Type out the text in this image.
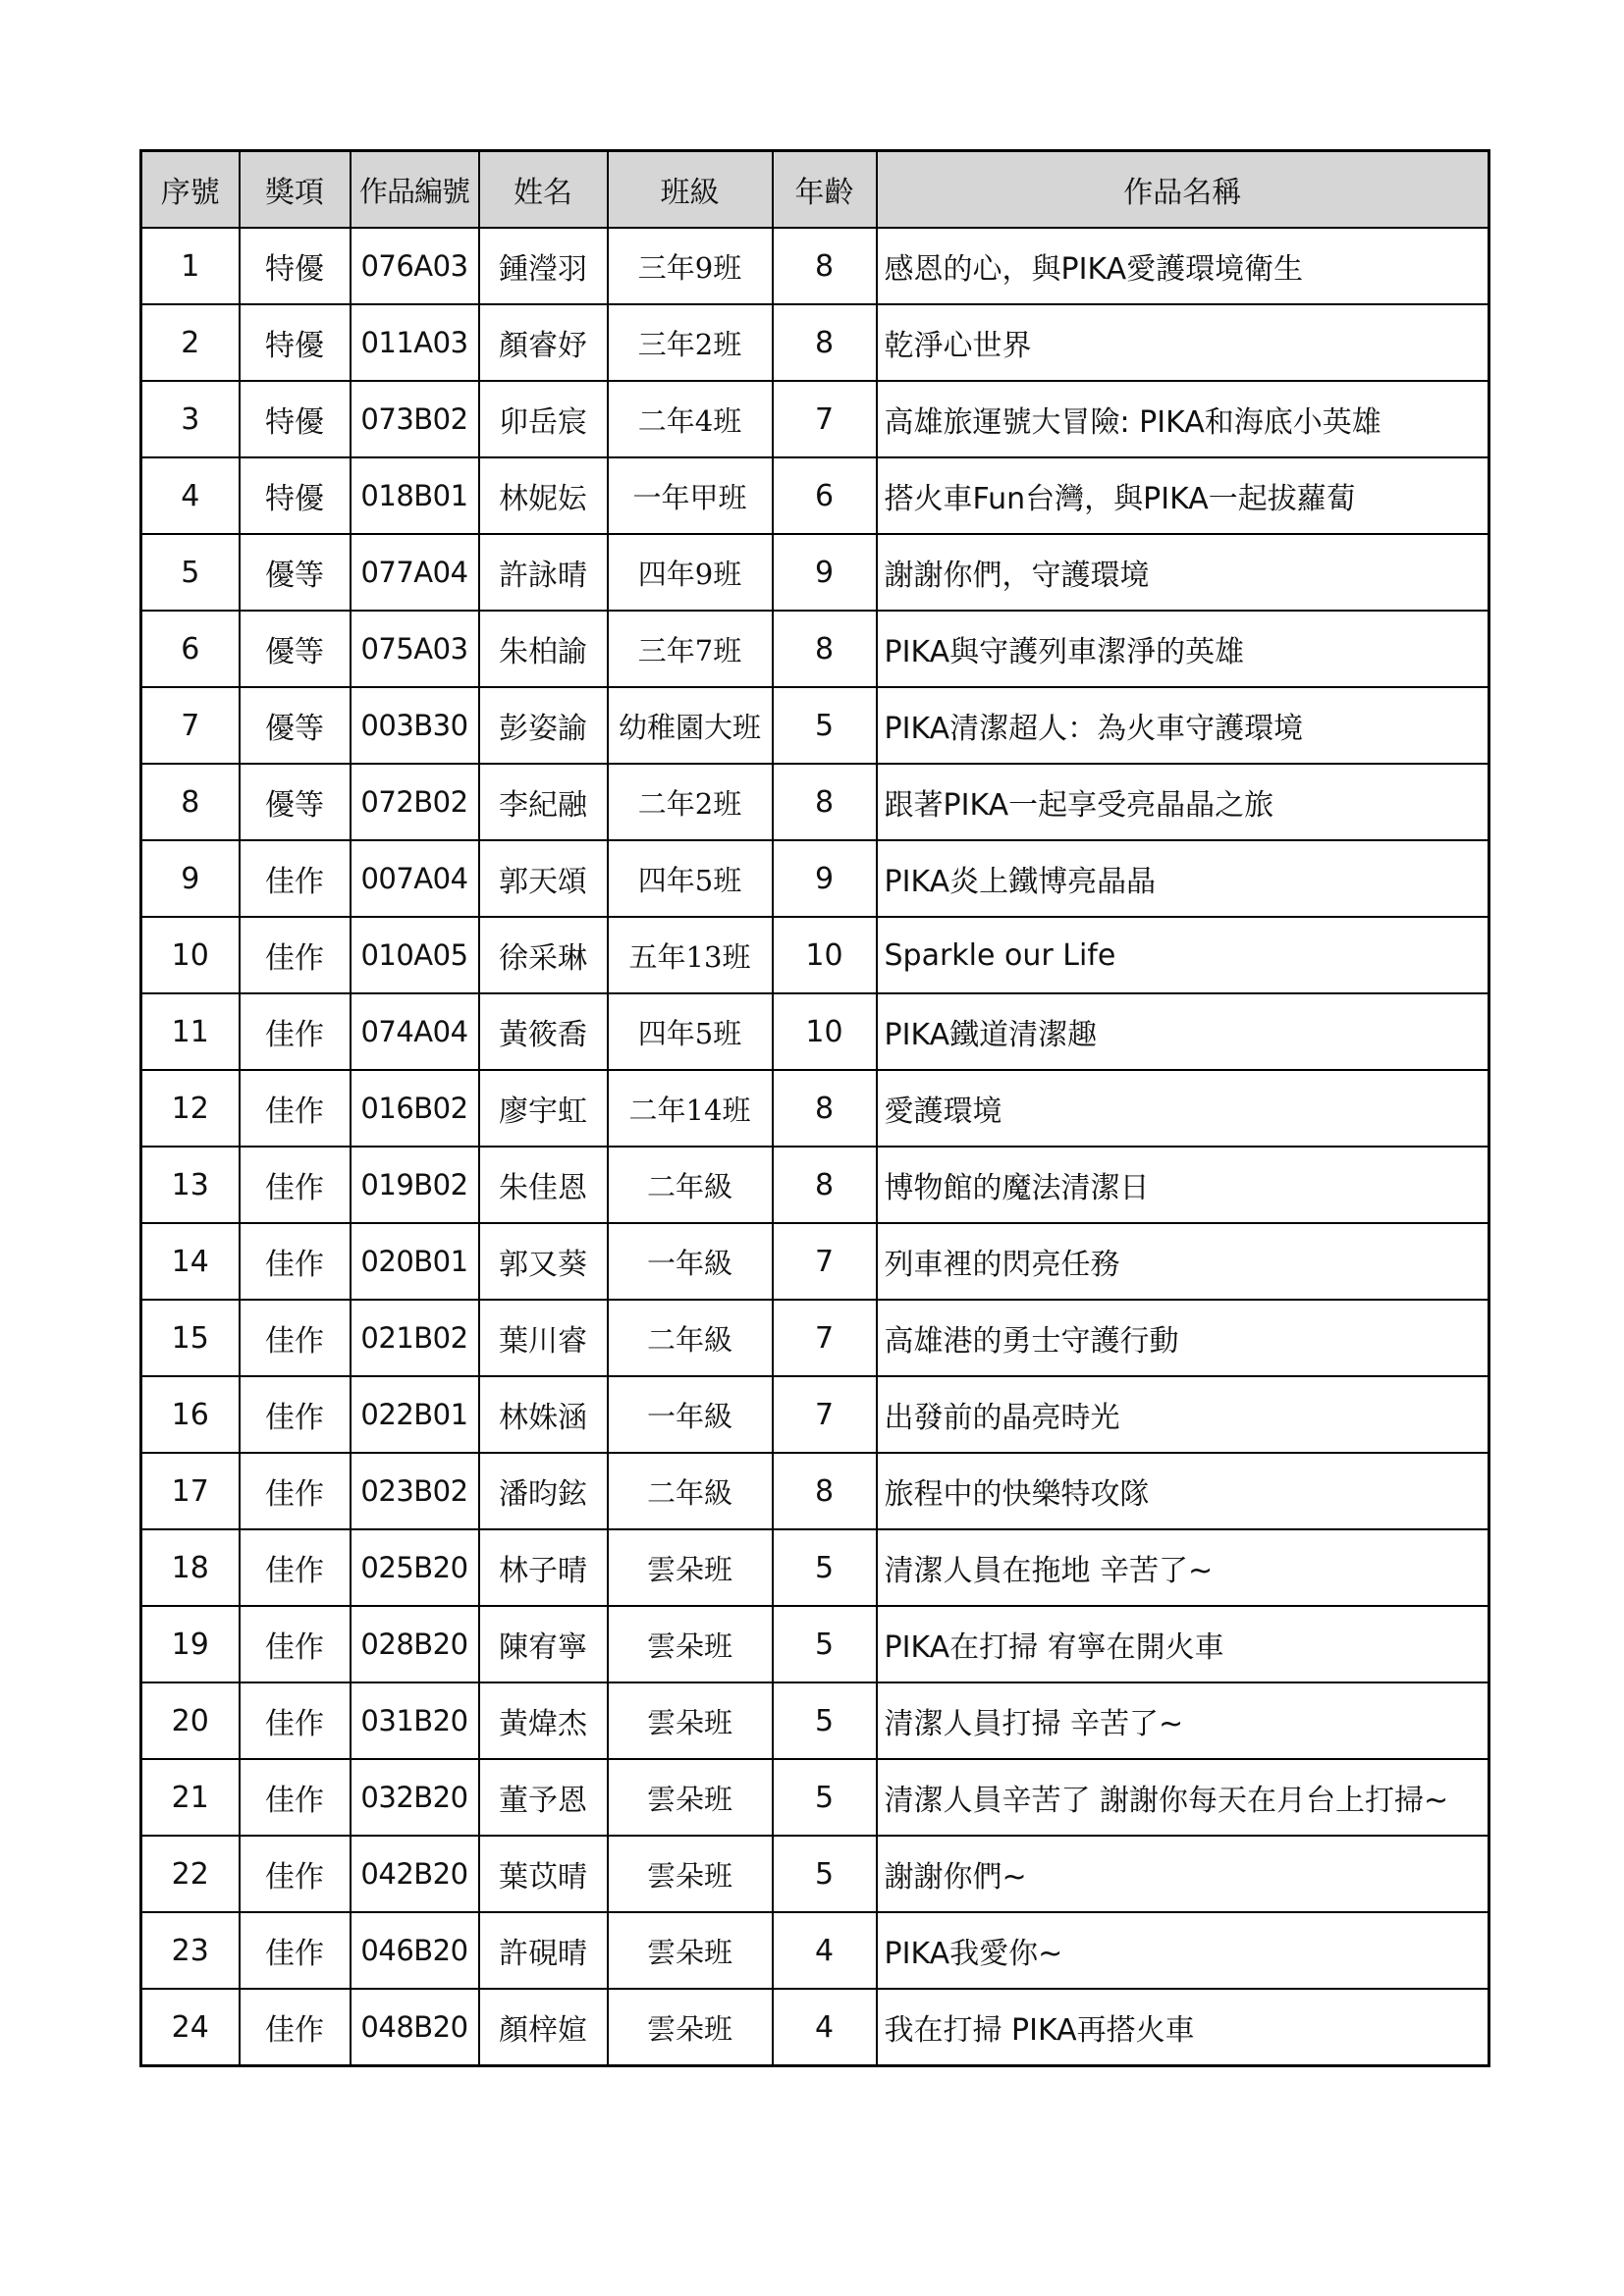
序號	獎項	作品編號	姓名	班級	年齡	作品名稱
1	特優	076A03	鍾瀅羽	三年9班	8	感恩的心，與PIKA愛護環境衛生
2	特優	011A03	顏睿妤	三年2班	8	乾淨心世界
3	特優	073B02	卯岳宸	二年4班	7	高雄旅運號大冒險: PIKA和海底小英雄
4	特優	018B01	林妮妘	一年甲班	6	搭火車Fun台灣，與PIKA一起拔蘿蔔
5	優等	077A04	許詠晴	四年9班	9	謝謝你們，守護環境
6	優等	075A03	朱柏諭	三年7班	8	PIKA與守護列車潔淨的英雄
7	優等	003B30	彭姿諭	幼稚園大班	5	PIKA清潔超人：為火車守護環境
8	優等	072B02	李紀融	二年2班	8	跟著PIKA一起享受亮晶晶之旅
9	佳作	007A04	郭天頌	四年5班	9	PIKA炎上鐵博亮晶晶
10	佳作	010A05	徐采琳	五年13班	10	Sparkle our Life
11	佳作	074A04	黃筱喬	四年5班	10	PIKA鐵道清潔趣
12	佳作	016B02	廖宇虹	二年14班	8	愛護環境
13	佳作	019B02	朱佳恩	二年級	8	博物館的魔法清潔日
14	佳作	020B01	郭又葵	一年級	7	列車裡的閃亮任務
15	佳作	021B02	葉川睿	二年級	7	高雄港的勇士守護行動
16	佳作	022B01	林姝涵	一年級	7	出發前的晶亮時光
17	佳作	023B02	潘昀鉉	二年級	8	旅程中的快樂特攻隊
18	佳作	025B20	林子晴	雲朵班	5	清潔人員在拖地 辛苦了~
19	佳作	028B20	陳宥寧	雲朵班	5	PIKA在打掃 宥寧在開火車
20	佳作	031B20	黃煒杰	雲朵班	5	清潔人員打掃 辛苦了~
21	佳作	032B20	董予恩	雲朵班	5	清潔人員辛苦了 謝謝你每天在月台上打掃~
22	佳作	042B20	葉苡晴	雲朵班	5	謝謝你們~
23	佳作	046B20	許硯晴	雲朵班	4	PIKA我愛你~
24	佳作	048B20	顏梓媗	雲朵班	4	我在打掃 PIKA再搭火車
